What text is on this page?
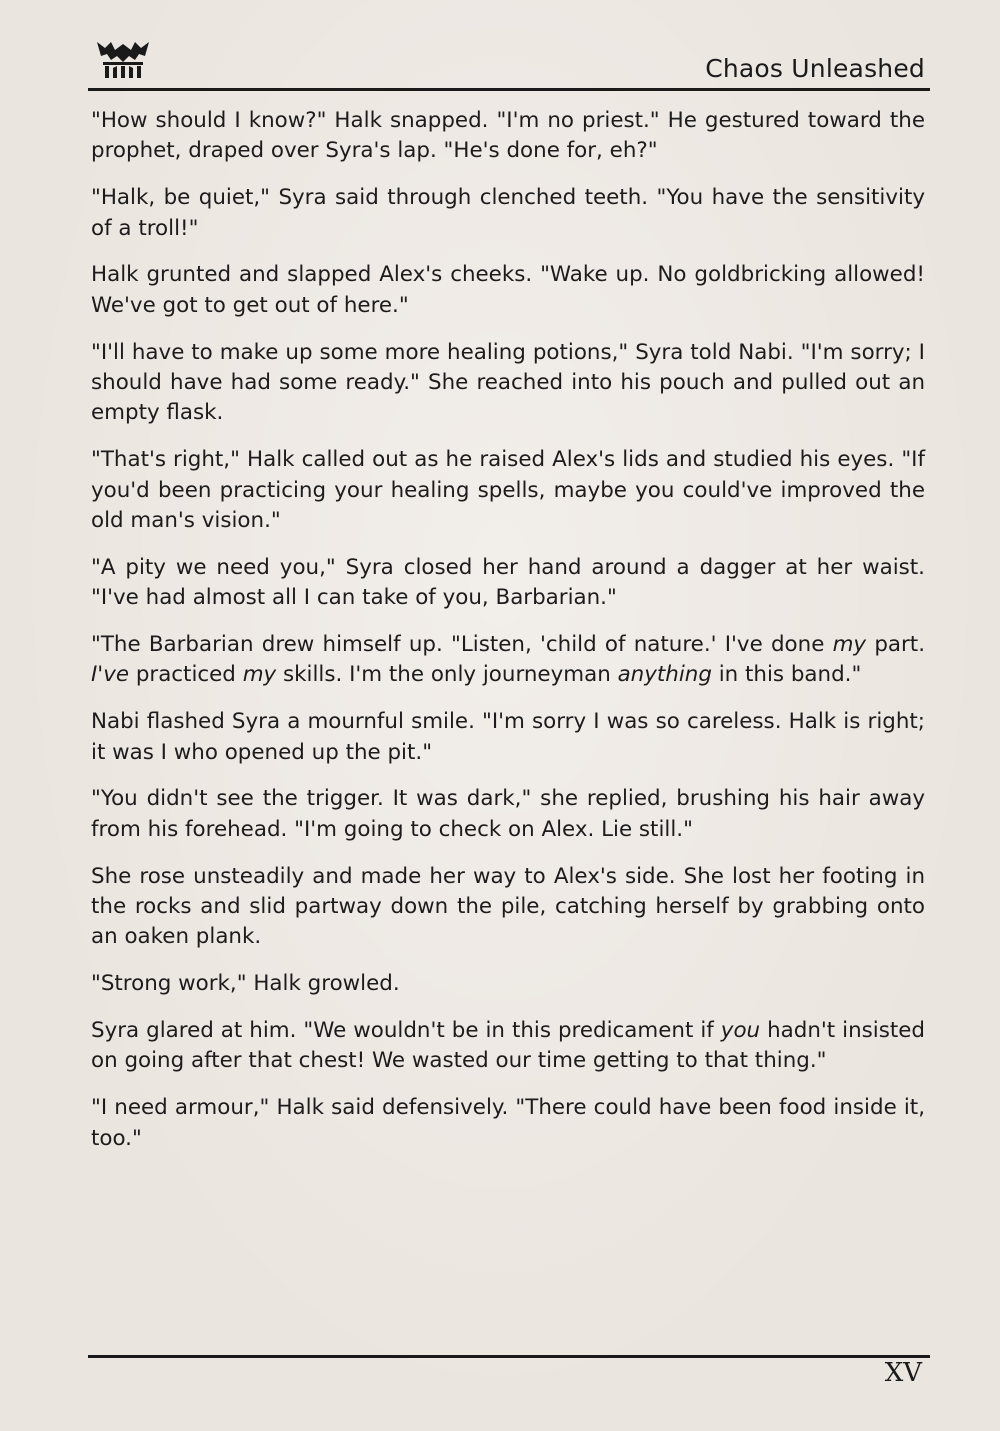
Chaos Unleashed

"How should I know?" Halk snapped. "I'm no priest." He gestured toward the prophet, draped over Syra's lap. "He's done for, eh?"

"Halk, be quiet," Syra said through clenched teeth. "You have the sensitivity of a troll!"

Halk grunted and slapped Alex's cheeks. "Wake up. No goldbricking allowed! We've got to get out of here."

"I'll have to make up some more healing potions," Syra told Nabi. "I'm sorry; I should have had some ready." She reached into his pouch and pulled out an empty flask.

"That's right," Halk called out as he raised Alex's lids and studied his eyes. "If you'd been practicing your healing spells, maybe you could've improved the old man's vision."

"A pity we need you," Syra closed her hand around a dagger at her waist. "I've had almost all I can take of you, Barbarian."

"The Barbarian drew himself up. "Listen, 'child of nature.' I've done my part. I've practiced my skills. I'm the only journeyman anything in this band."

Nabi flashed Syra a mournful smile. "I'm sorry I was so careless. Halk is right; it was I who opened up the pit."

"You didn't see the trigger. It was dark," she replied, brushing his hair away from his forehead. "I'm going to check on Alex. Lie still."

She rose unsteadily and made her way to Alex's side. She lost her footing in the rocks and slid partway down the pile, catching herself by grabbing onto an oaken plank.

"Strong work," Halk growled.

Syra glared at him. "We wouldn't be in this predicament if you hadn't insisted on going after that chest! We wasted our time getting to that thing."

"I need armour," Halk said defensively. "There could have been food inside it, too."

XV
